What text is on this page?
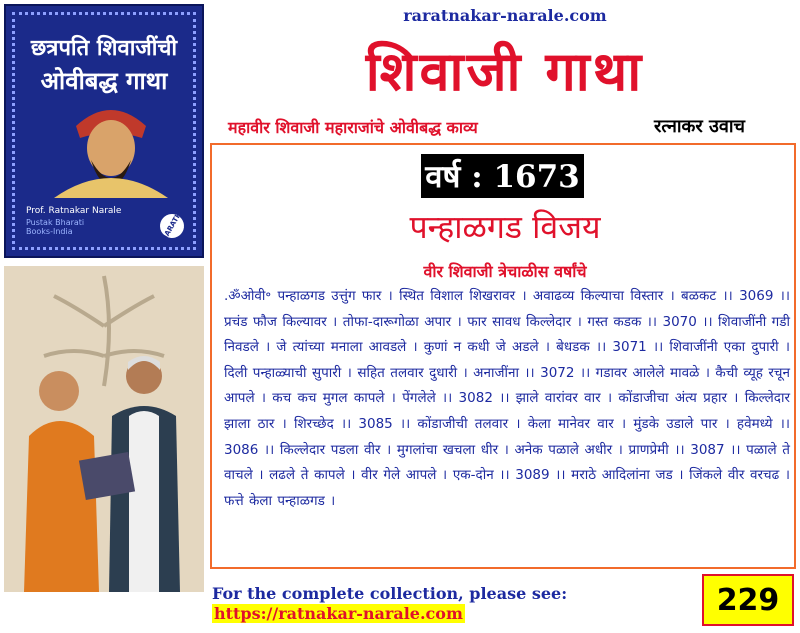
छत्रपति शिवाजींची
ओवीबद्ध गाथा
Prof. Ratnakar Narale
Pustak Bharati
Books-India	MARATHI
raratnakar-narale.com
शिवाजी गाथा
महावीर शिवाजी महाराजांचे ओवीबद्ध काव्य	रत्नाकर उवाच
वर्ष : 1673
पन्हाळगड विजय
वीर शिवाजी त्रेचाळीस वर्षांचे
.ॐओवी॰ पन्हाळगड उत्तुंग फार । स्थित विशाल शिखरावर । अवाढव्य किल्याचा विस्तार । बळकट ।। 3069 ।। प्रचंड फौज किल्यावर । तोफा-दारूगोळा अपार । फार सावध किल्लेदार । गस्त कडक ।। 3070 ।। शिवाजींनी गडी निवडले । जे त्यांच्या मनाला आवडले । कुणां न कधी जे अडले । बेधडक ।। 3071 ।। शिवाजींनी एका दुपारी । दिली पन्हाळ्याची सुपारी । सहित तलवार दुधारी । अनाजींना ।। 3072 ।। गडावर आलेले मावळे । कैची व्यूह रचून आपले । कच कच मुगल कापले । पेंगलेले ।। 3082 ।। झाले वारांवर वार । कोंडाजीचा अंत्य प्रहार । किल्लेदार झाला ठार । शिरच्छेद ।। 3085 ।। कोंडाजीची तलवार । केला मानेवर वार । मुंडके उडाले पार । हवेमध्ये ।। 3086 ।। किल्लेदार पडला वीर । मुगलांचा खचला धीर । अनेक पळाले अधीर । प्राणप्रेमी ।। 3087 ।। पळाले ते वाचले । लढले ते कापले । वीर गेले आपले । एक-दोन ।। 3089 ।। मराठे आदिलांना जड । जिंकले वीर वरचढ । फत्ते केला पन्हाळगड ।
For the complete collection, please see:
https://ratnakar-narale.com	229
